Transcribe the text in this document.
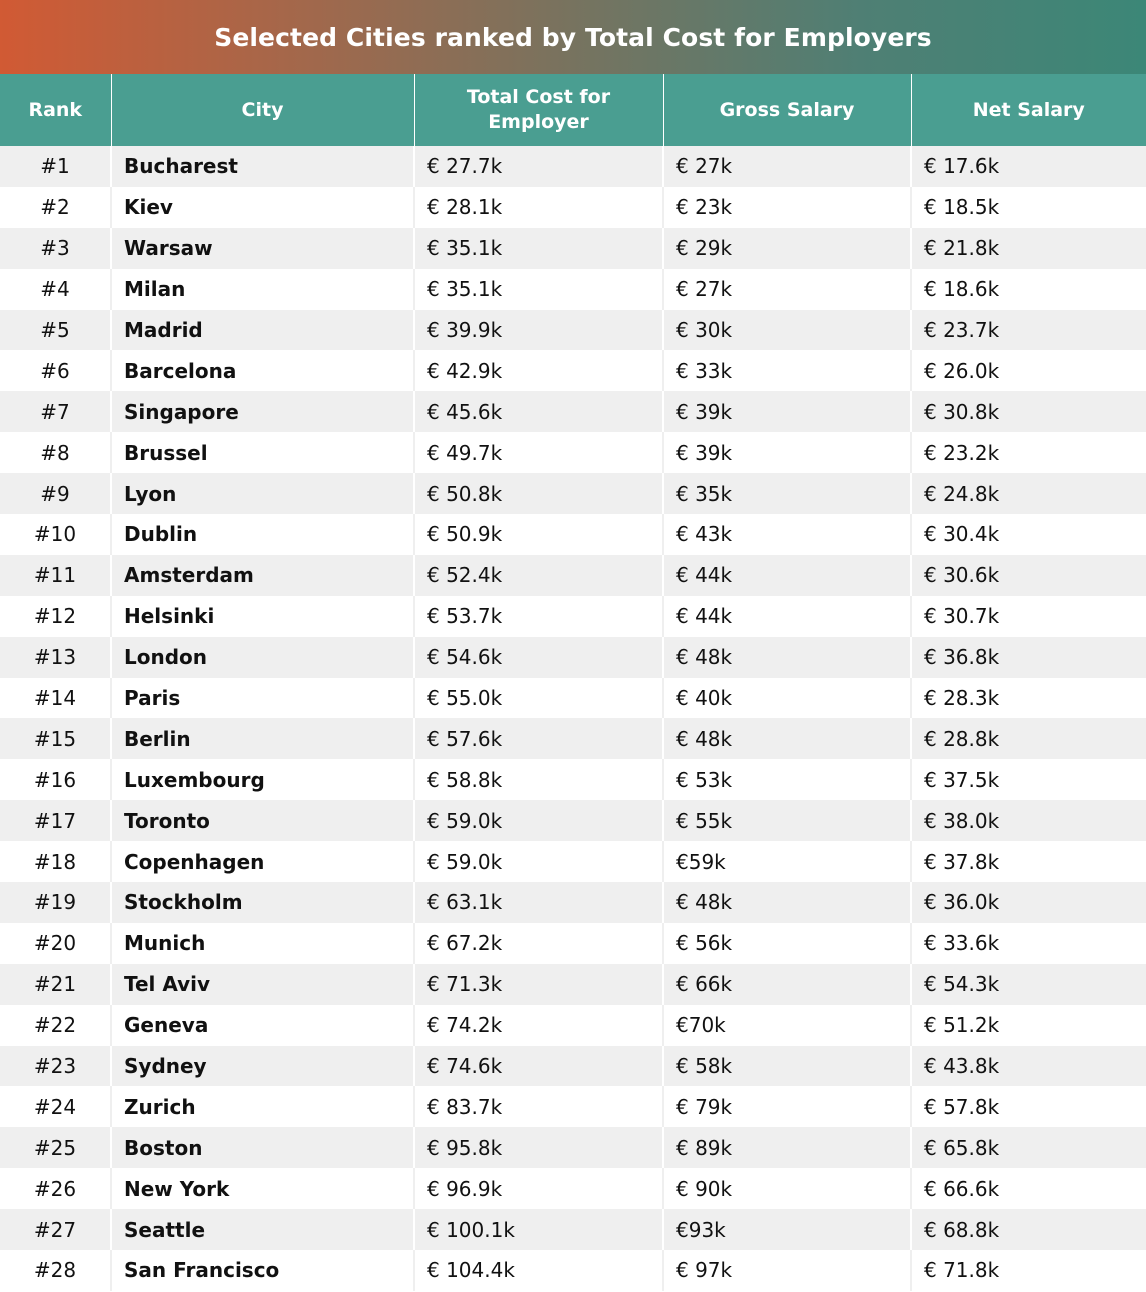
Selected Cities ranked by Total Cost for Employers
Rank	City	Total Cost for Employer	Gross Salary	Net Salary
#1	Bucharest	€ 27.7k	€ 27k	€ 17.6k
#2	Kiev	€ 28.1k	€ 23k	€ 18.5k
#3	Warsaw	€ 35.1k	€ 29k	€ 21.8k
#4	Milan	€ 35.1k	€ 27k	€ 18.6k
#5	Madrid	€ 39.9k	€ 30k	€ 23.7k
#6	Barcelona	€ 42.9k	€ 33k	€ 26.0k
#7	Singapore	€ 45.6k	€ 39k	€ 30.8k
#8	Brussel	€ 49.7k	€ 39k	€ 23.2k
#9	Lyon	€ 50.8k	€ 35k	€ 24.8k
#10	Dublin	€ 50.9k	€ 43k	€ 30.4k
#11	Amsterdam	€ 52.4k	€ 44k	€ 30.6k
#12	Helsinki	€ 53.7k	€ 44k	€ 30.7k
#13	London	€ 54.6k	€ 48k	€ 36.8k
#14	Paris	€ 55.0k	€ 40k	€ 28.3k
#15	Berlin	€ 57.6k	€ 48k	€ 28.8k
#16	Luxembourg	€ 58.8k	€ 53k	€ 37.5k
#17	Toronto	€ 59.0k	€ 55k	€ 38.0k
#18	Copenhagen	€ 59.0k	€59k	€ 37.8k
#19	Stockholm	€ 63.1k	€ 48k	€ 36.0k
#20	Munich	€ 67.2k	€ 56k	€ 33.6k
#21	Tel Aviv	€ 71.3k	€ 66k	€ 54.3k
#22	Geneva	€ 74.2k	€70k	€ 51.2k
#23	Sydney	€ 74.6k	€ 58k	€ 43.8k
#24	Zurich	€ 83.7k	€ 79k	€ 57.8k
#25	Boston	€ 95.8k	€ 89k	€ 65.8k
#26	New York	€ 96.9k	€ 90k	€ 66.6k
#27	Seattle	€ 100.1k	€93k	€ 68.8k
#28	San Francisco	€ 104.4k	€ 97k	€ 71.8k
